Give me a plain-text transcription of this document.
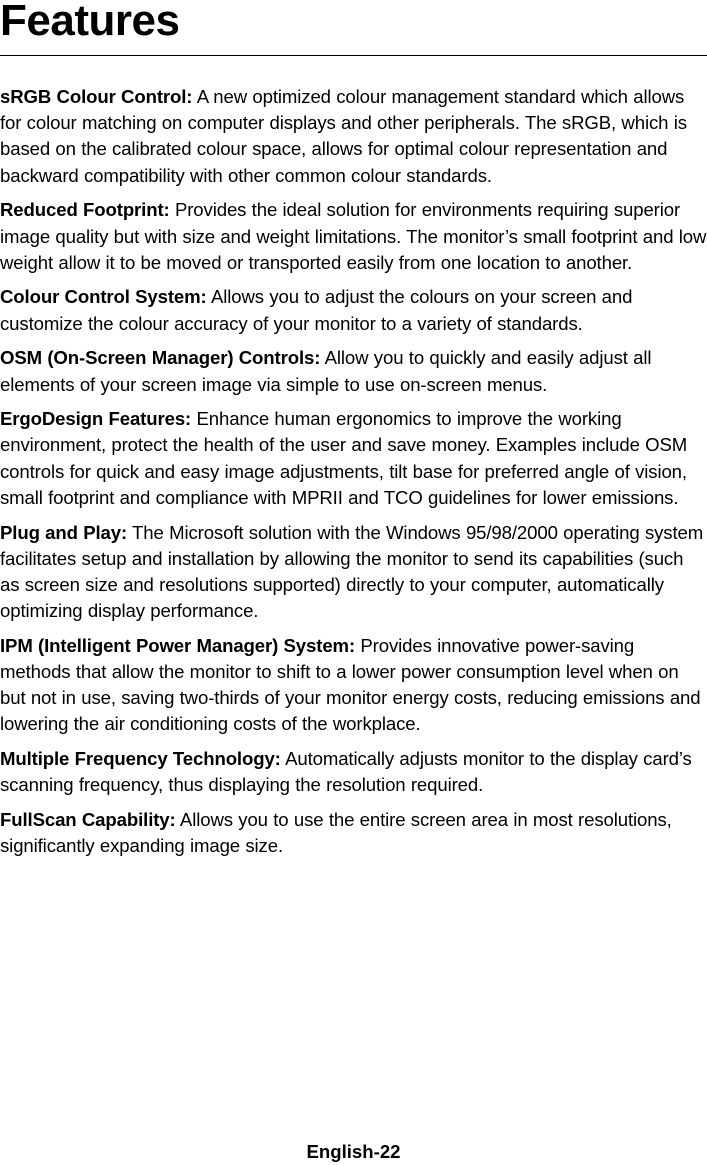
Features

sRGB Colour Control: A new optimized colour management standard which allows for colour matching on computer displays and other peripherals. The sRGB, which is based on the calibrated colour space, allows for optimal colour representation and backward compatibility with other common colour standards.

Reduced Footprint: Provides the ideal solution for environments requiring superior image quality but with size and weight limitations. The monitor’s small footprint and low weight allow it to be moved or transported easily from one location to another.

Colour Control System: Allows you to adjust the colours on your screen and customize the colour accuracy of your monitor to a variety of standards.

OSM (On-Screen Manager) Controls: Allow you to quickly and easily adjust all elements of your screen image via simple to use on-screen menus.

ErgoDesign Features: Enhance human ergonomics to improve the working environment, protect the health of the user and save money. Examples include OSM controls for quick and easy image adjustments, tilt base for preferred angle of vision, small footprint and compliance with MPRII and TCO guidelines for lower emissions.

Plug and Play: The Microsoft solution with the Windows 95/98/2000 operating system facilitates setup and installation by allowing the monitor to send its capabilities (such as screen size and resolutions supported) directly to your computer, automatically optimizing display performance.

IPM (Intelligent Power Manager) System: Provides innovative power-saving methods that allow the monitor to shift to a lower power consumption level when on but not in use, saving two-thirds of your monitor energy costs, reducing emissions and lowering the air conditioning costs of the workplace.

Multiple Frequency Technology: Automatically adjusts monitor to the display card’s scanning frequency, thus displaying the resolution required.

FullScan Capability: Allows you to use the entire screen area in most resolutions, significantly expanding image size.

English-22
